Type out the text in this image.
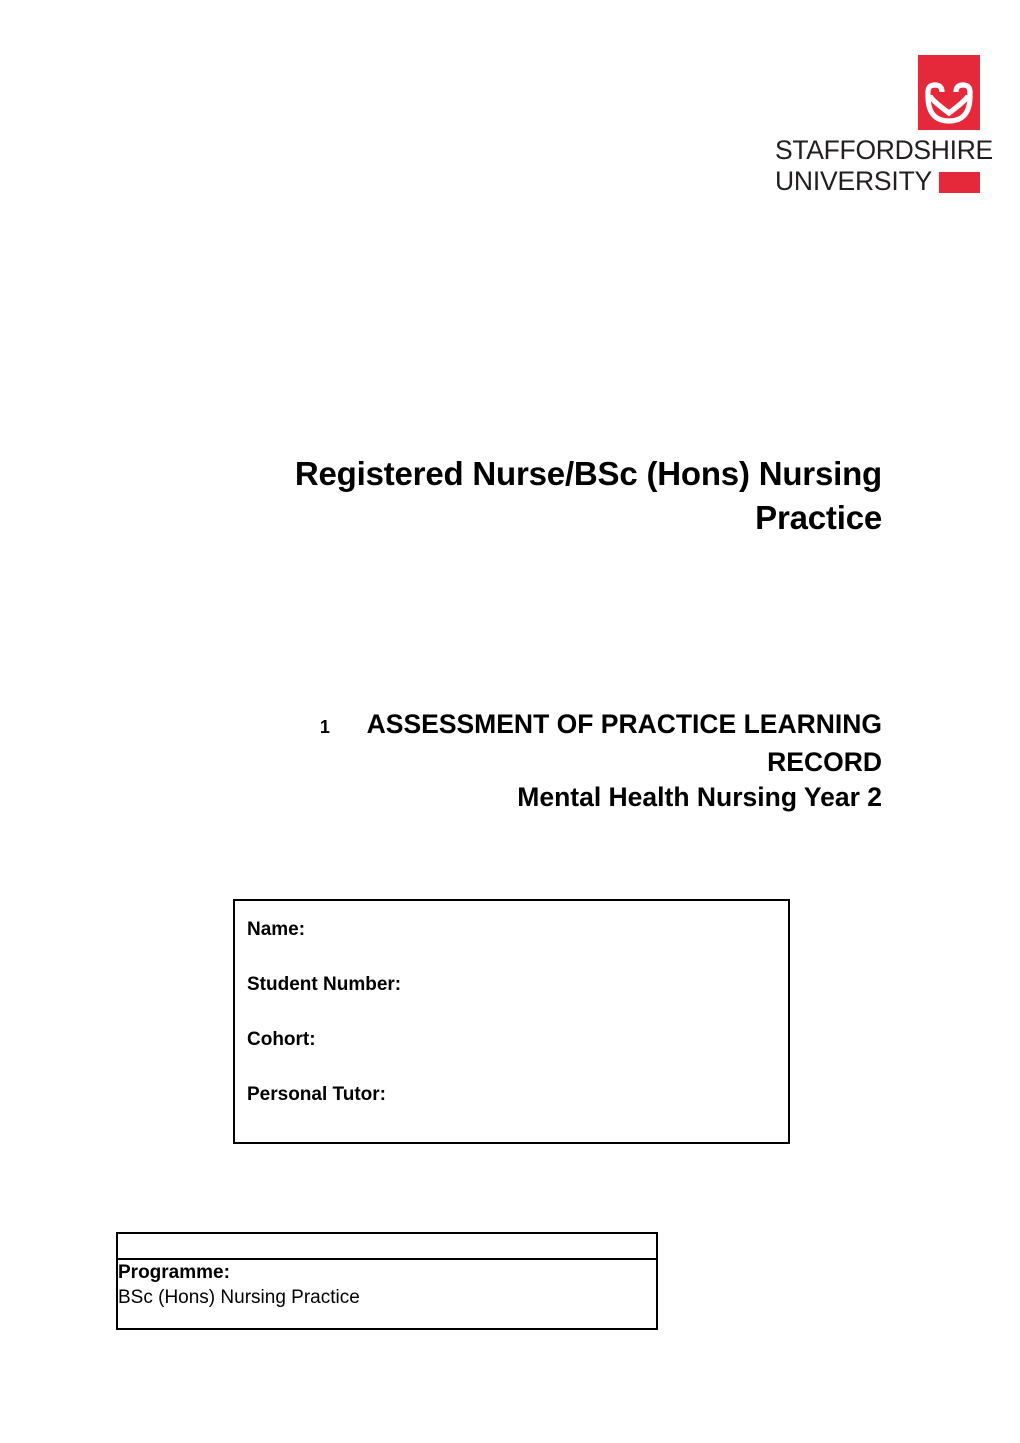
STAFFORDSHIRE
UNIVERSITY
Registered Nurse/BSc (Hons) Nursing Practice
1 ASSESSMENT OF PRACTICE LEARNING RECORD
Mental Health Nursing Year 2
Name:
Student Number:
Cohort:
Personal Tutor:

Programme:
BSc (Hons) Nursing Practice
